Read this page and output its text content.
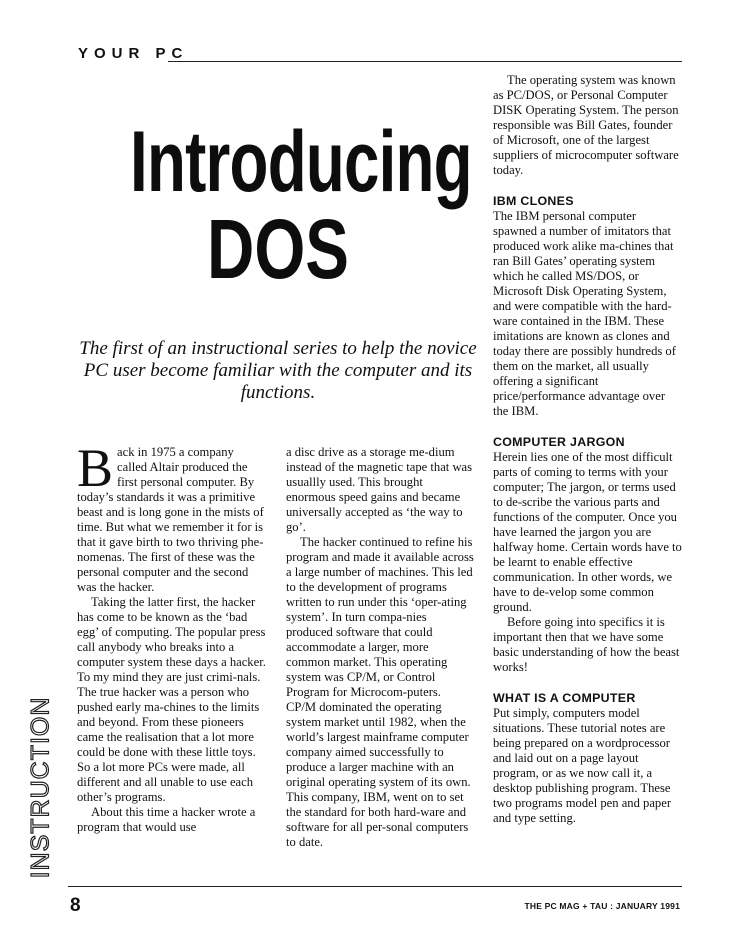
YOUR PC
Introducing
DOS
The first of an instructional series to help the novice PC user become familiar with the computer and its functions.

Back in 1975 a company called Altair produced the first personal computer. By today’s standards it was a primitive beast and is long gone in the mists of time. But what we remember it for is that it gave birth to two thriving phe-nomenas. The first of these was the personal computer and the second was the hacker.

Taking the latter first, the hacker has come to be known as the ‘bad egg’ of computing. The popular press call anybody who breaks into a computer system these days a hacker. To my mind they are just crimi-nals. The true hacker was a person who pushed early ma-chines to the limits and beyond. From these pioneers came the realisation that a lot more could be done with these little toys. So a lot more PCs were made, all different and all unable to use each other’s programs.

About this time a hacker wrote a program that would use

a disc drive as a storage me-dium instead of the magnetic tape that was usuallly used. This brought enormous speed gains and became universally accepted as ‘the way to go’.

The hacker continued to refine his program and made it available across a large number of machines. This led to the development of programs written to run under this ‘oper-ating system’. In turn compa-nies produced software that could accommodate a larger, more common market. This operating system was CP/M, or Control Program for Microcom-puters. CP/M dominated the operating system market until 1982, when the world’s largest mainframe computer company aimed successfully to produce a larger machine with an original operating system of its own. This company, IBM, went on to set the standard for both hard-ware and software for all per-sonal computers to date.

The operating system was known as PC/DOS, or Personal Computer DISK Operating System. The person responsible was Bill Gates, founder of Microsoft, one of the largest suppliers of microcomputer software today.

IBM CLONES

The IBM personal computer spawned a number of imitators that produced work alike ma-chines that ran Bill Gates’ operating system which he called MS/DOS, or Microsoft Disk Operating System, and were compatible with the hard-ware contained in the IBM. These imitations are known as clones and today there are possibly hundreds of them on the market, all usually offering a significant price/performance advantage over the IBM.

COMPUTER JARGON

Herein lies one of the most difficult parts of coming to terms with your computer; The jargon, or terms used to de-scribe the various parts and functions of the computer. Once you have learned the jargon you are halfway home. Certain words have to be learnt to enable effective communication. In other words, we have to de-velop some common ground.

Before going into specifics it is important then that we have some basic understanding of how the beast works!

WHAT IS A COMPUTER

Put simply, computers model situations. These tutorial notes are being prepared on a wordprocessor and laid out on a page layout program, or as we now call it, a desktop publishing program. These two programs model pen and paper and type setting.

INSTRUCTION
8	THE PC MAG + TAU : JANUARY 1991
